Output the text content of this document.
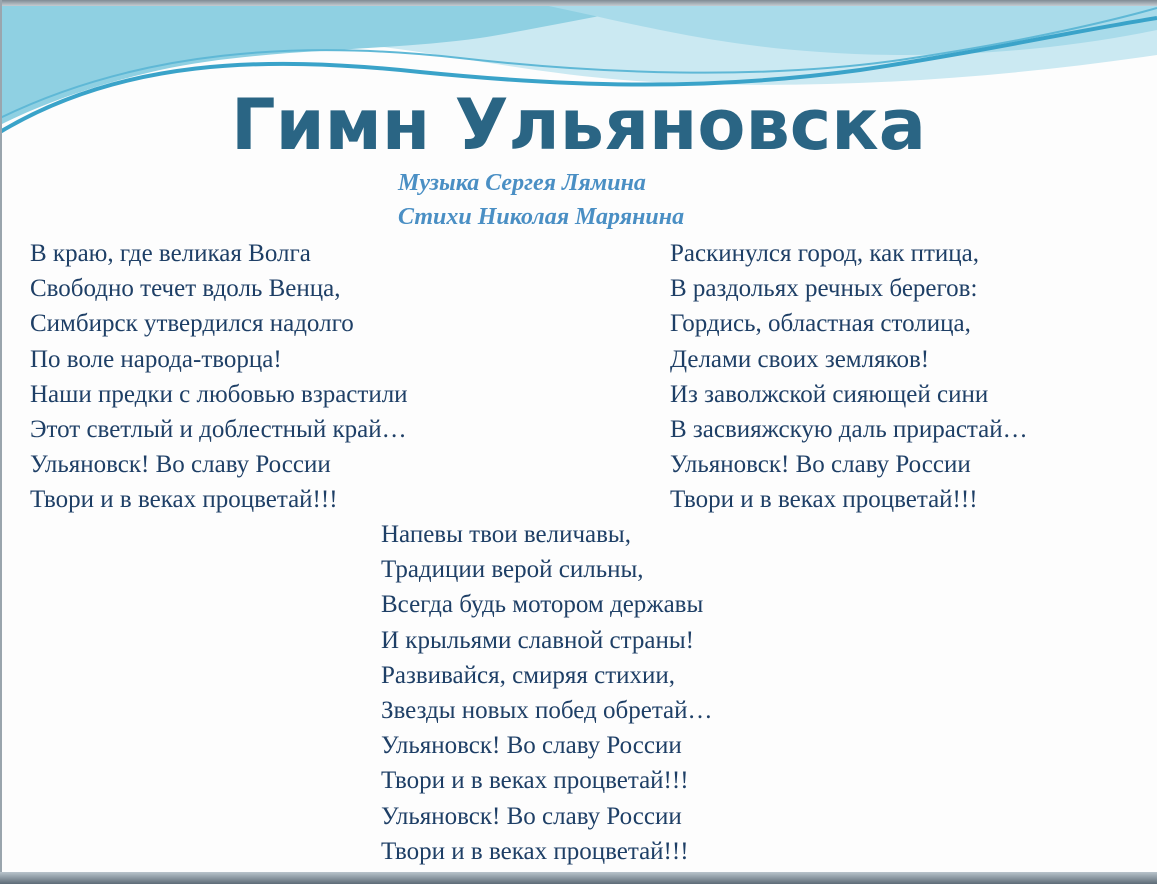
Гимн Ульяновска
Музыка Сергея Лямина
Стихи Николая Марянина
В краю, где великая Волга
Свободно течет вдоль Венца,
Симбирск утвердился надолго
По воле народа-творца!
Наши предки с любовью взрастили
Этот светлый и доблестный край…
Ульяновск! Во славу России
Твори и в веках процветай!!!
Раскинулся город, как птица,
В раздольях речных берегов:
Гордись, областная столица,
Делами своих земляков!
Из заволжской сияющей сини
В засвияжскую даль прирастай…
Ульяновск! Во славу России
Твори и в веках процветай!!!
Напевы твои величавы,
Традиции верой сильны,
Всегда будь мотором державы
И крыльями славной страны!
Развивайся, смиряя стихии,
Звезды новых побед обретай…
Ульяновск! Во славу России
Твори и в веках процветай!!!
Ульяновск! Во славу России
Твори и в веках процветай!!!
